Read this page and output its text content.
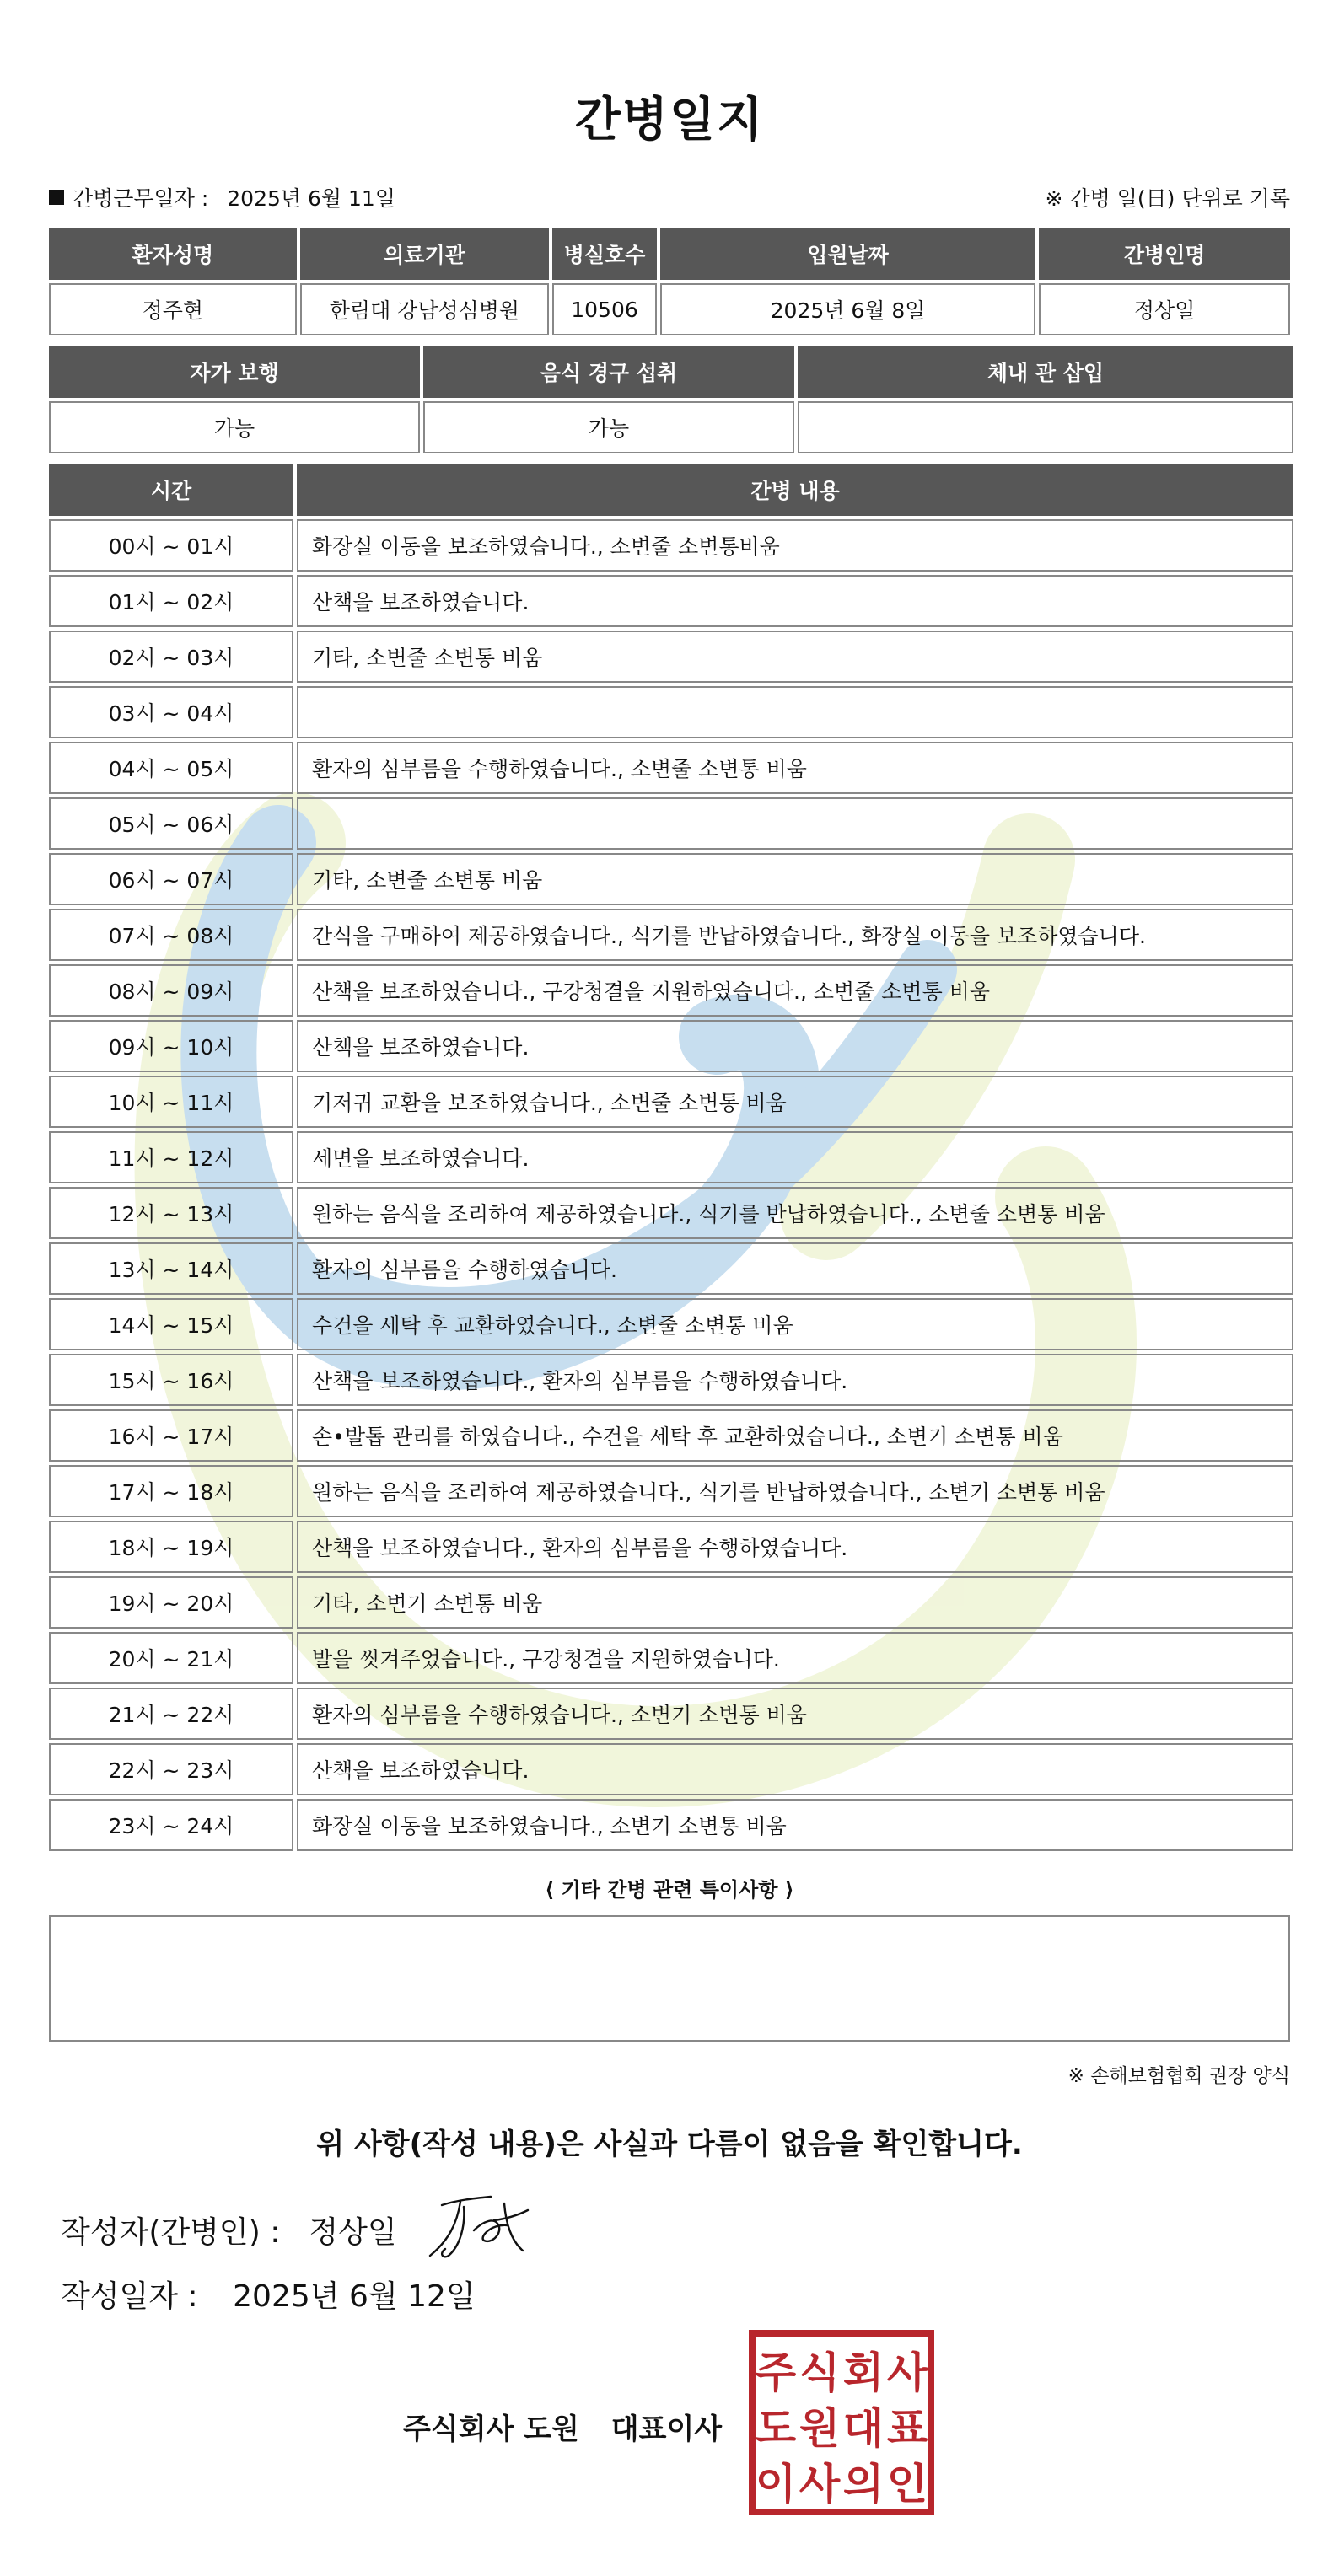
간병일지
간병근무일자 : 2025년 6월 11일	※ 간병 일(日) 단위로 기록
환자성명	의료기관	병실호수	입원날짜	간병인명
정주현	한림대 강남성심병원	10506	2025년 6월 8일	정상일
자가 보행	음식 경구 섭취	체내 관 삽입
가능	가능	
시간	간병 내용
00시 ~ 01시	화장실 이동을 보조하였습니다., 소변줄 소변통비움
01시 ~ 02시	산책을 보조하였습니다.
02시 ~ 03시	기타, 소변줄 소변통 비움
03시 ~ 04시	
04시 ~ 05시	환자의 심부름을 수행하였습니다., 소변줄 소변통 비움
05시 ~ 06시	
06시 ~ 07시	기타, 소변줄 소변통 비움
07시 ~ 08시	간식을 구매하여 제공하였습니다., 식기를 반납하였습니다., 화장실 이동을 보조하였습니다.
08시 ~ 09시	산책을 보조하였습니다., 구강청결을 지원하였습니다., 소변줄 소변통 비움
09시 ~ 10시	산책을 보조하였습니다.
10시 ~ 11시	기저귀 교환을 보조하였습니다., 소변줄 소변통 비움
11시 ~ 12시	세면을 보조하였습니다.
12시 ~ 13시	원하는 음식을 조리하여 제공하였습니다., 식기를 반납하였습니다., 소변줄 소변통 비움
13시 ~ 14시	환자의 심부름을 수행하였습니다.
14시 ~ 15시	수건을 세탁 후 교환하였습니다., 소변줄 소변통 비움
15시 ~ 16시	산책을 보조하였습니다., 환자의 심부름을 수행하였습니다.
16시 ~ 17시	손•발톱 관리를 하였습니다., 수건을 세탁 후 교환하였습니다., 소변기 소변통 비움
17시 ~ 18시	원하는 음식을 조리하여 제공하였습니다., 식기를 반납하였습니다., 소변기 소변통 비움
18시 ~ 19시	산책을 보조하였습니다., 환자의 심부름을 수행하였습니다.
19시 ~ 20시	기타, 소변기 소변통 비움
20시 ~ 21시	발을 씻겨주었습니다., 구강청결을 지원하였습니다.
21시 ~ 22시	환자의 심부름을 수행하였습니다., 소변기 소변통 비움
22시 ~ 23시	산책을 보조하였습니다.
23시 ~ 24시	화장실 이동을 보조하였습니다., 소변기 소변통 비움
⟨ 기타 간병 관련 특이사항 ⟩
※ 손해보험협회 권장 양식
위 사항(작성 내용)은 사실과 다름이 없음을 확인합니다.
작성자(간병인) : 정상일
작성일자 : 2025년 6월 12일
주식회사 도원 대표이사
주 식 회 사
도 원 대 표
이 사 의 인
